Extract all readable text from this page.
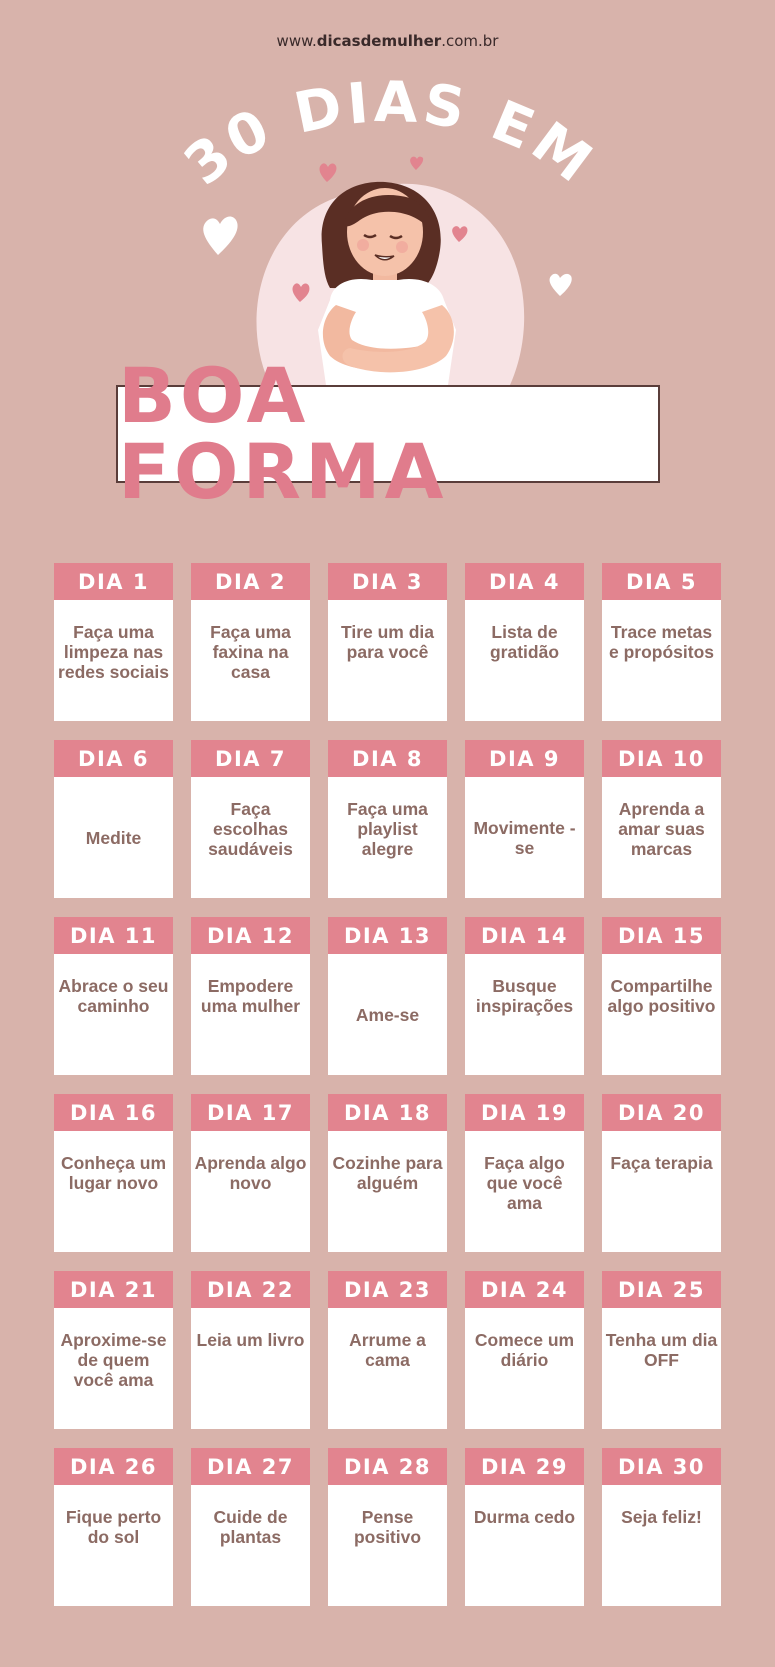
www.dicasdemulher.com.br
30 DIAS EM
BOA FORMA
DIA 1
Faça uma limpeza nas redes sociais
DIA 2
Faça uma faxina na casa
DIA 3
Tire um dia para você
DIA 4
Lista de gratidão
DIA 5
Trace metas e propósitos
DIA 6
Medite
DIA 7
Faça escolhas saudáveis
DIA 8
Faça uma playlist alegre
DIA 9
Movimente -se
DIA 10
Aprenda a amar suas marcas
DIA 11
Abrace o seu caminho
DIA 12
Empodere uma mulher
DIA 13
Ame-se
DIA 14
Busque inspirações
DIA 15
Compartilhe algo positivo
DIA 16
Conheça um lugar novo
DIA 17
Aprenda algo novo
DIA 18
Cozinhe para alguém
DIA 19
Faça algo que você ama
DIA 20
Faça terapia
DIA 21
Aproxime-se de quem você ama
DIA 22
Leia um livro
DIA 23
Arrume a cama
DIA 24
Comece um diário
DIA 25
Tenha um dia OFF
DIA 26
Fique perto do sol
DIA 27
Cuide de plantas
DIA 28
Pense positivo
DIA 29
Durma cedo
DIA 30
Seja feliz!
